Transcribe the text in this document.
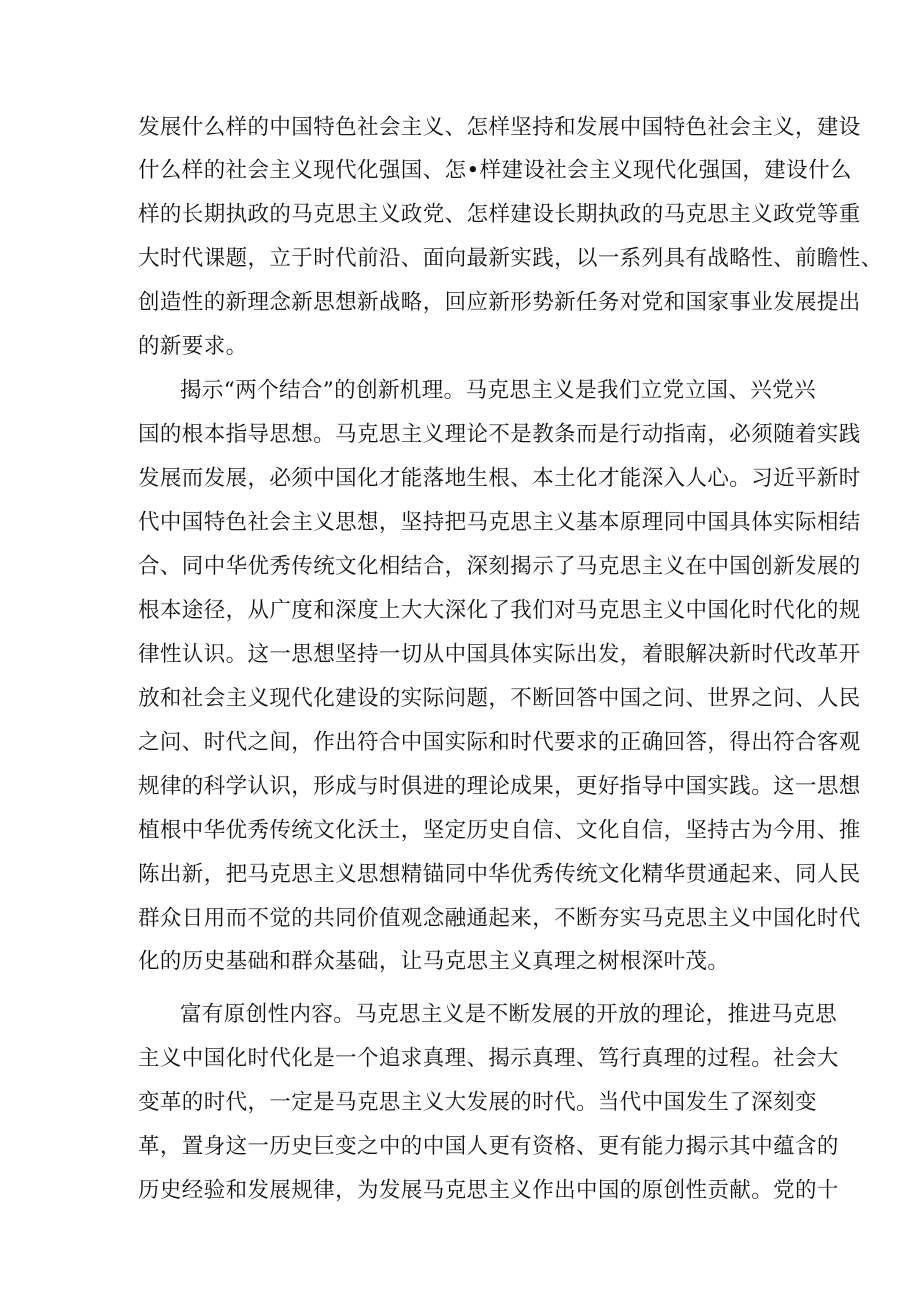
发展什么样的中国特色社会主义、怎样坚持和发展中国特色社会主义，建设
什么样的社会主义现代化强国、怎•样建设社会主义现代化强国，建设什么
样的长期执政的马克思主义政党、怎样建设长期执政的马克思主义政党等重
大时代课题，立于时代前沿、面向最新实践，以一系列具有战略性、前瞻性、
创造性的新理念新思想新战略，回应新形势新任务对党和国家事业发展提出
的新要求。
揭示“两个结合”的创新机理。马克思主义是我们立党立国、兴党兴
国的根本指导思想。马克思主义理论不是教条而是行动指南，必须随着实践
发展而发展，必须中国化才能落地生根、本土化才能深入人心。习近平新时
代中国特色社会主义思想，坚持把马克思主义基本原理同中国具体实际相结
合、同中华优秀传统文化相结合，深刻揭示了马克思主义在中国创新发展的
根本途径，从广度和深度上大大深化了我们对马克思主义中国化时代化的规
律性认识。这一思想坚持一切从中国具体实际出发，着眼解决新时代改革开
放和社会主义现代化建设的实际问题，不断回答中国之问、世界之问、人民
之问、时代之间，作出符合中国实际和时代要求的正确回答，得出符合客观
规律的科学认识，形成与时俱进的理论成果，更好指导中国实践。这一思想
植根中华优秀传统文化沃土，坚定历史自信、文化自信，坚持古为今用、推
陈出新，把马克思主义思想精锚同中华优秀传统文化精华贯通起来、同人民
群众日用而不觉的共同价值观念融通起来，不断夯实马克思主义中国化时代
化的历史基础和群众基础，让马克思主义真理之树根深叶茂。
富有原创性内容。马克思主义是不断发展的开放的理论，推进马克思
主义中国化时代化是一个追求真理、揭示真理、笃行真理的过程。社会大
变革的时代，一定是马克思主义大发展的时代。当代中国发生了深刻变
革，置身这一历史巨变之中的中国人更有资格、更有能力揭示其中蕴含的
历史经验和发展规律，为发展马克思主义作出中国的原创性贡献。党的十
